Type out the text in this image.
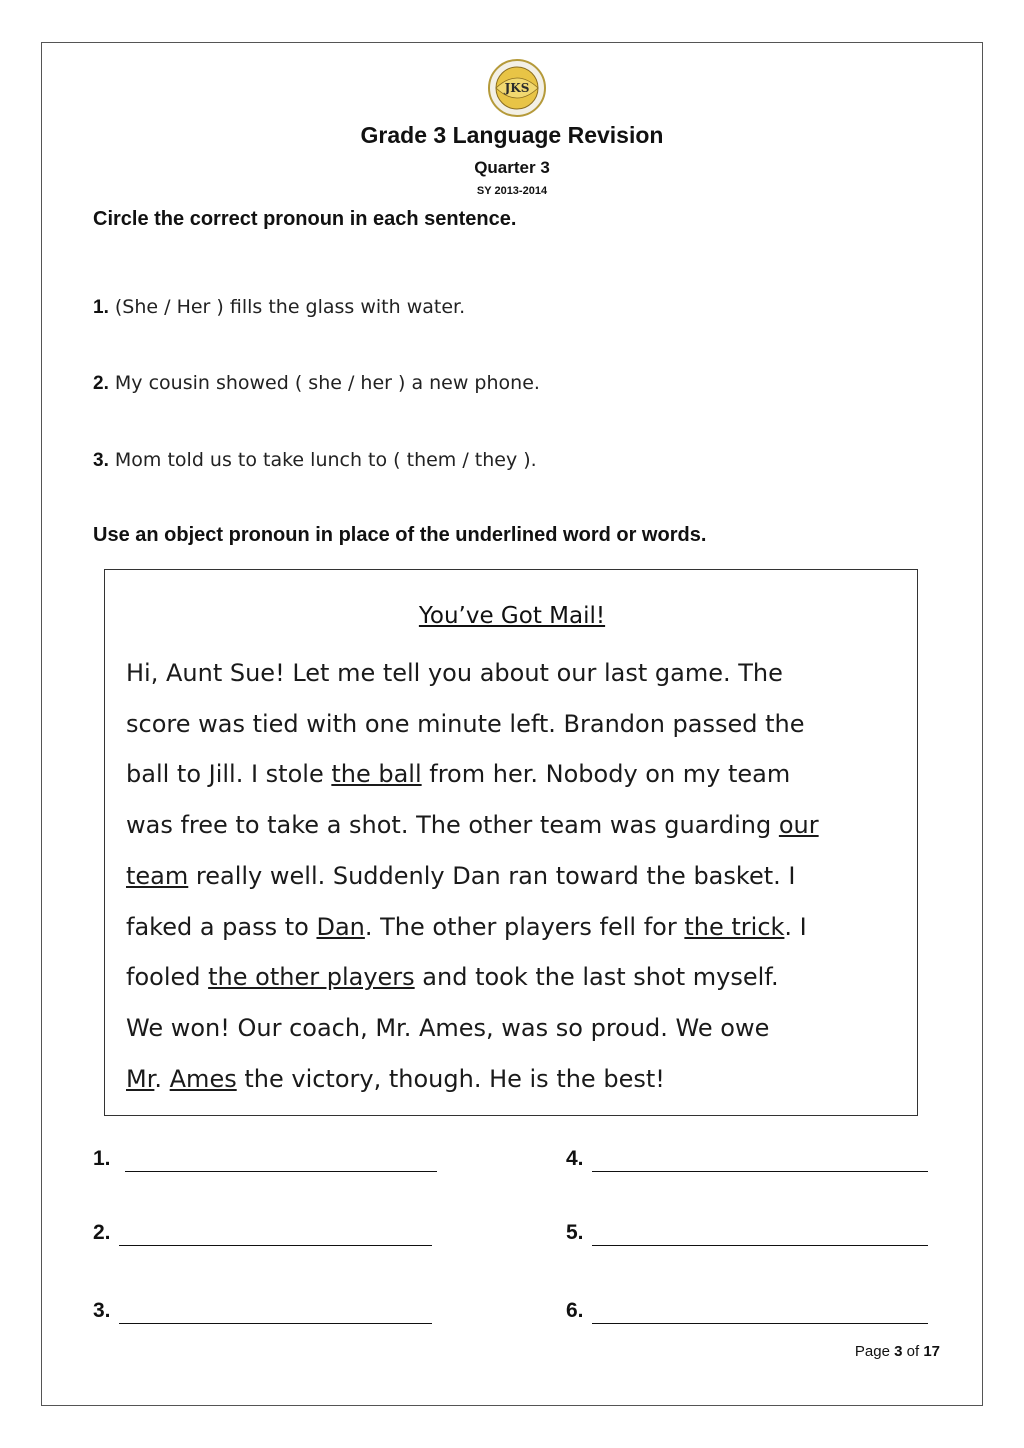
JKS
Grade 3 Language Revision
Quarter 3
SY 2013-2014
Circle the correct pronoun in each sentence.
1. (She / Her ) fills the glass with water.
2. My cousin showed ( she / her ) a new phone.
3. Mom told us to take lunch to ( them / they ).
Use an object pronoun in place of the underlined word or words.
You’ve Got Mail!
Hi, Aunt Sue! Let me tell you about our last game. The
score was tied with one minute left. Brandon passed the
ball to Jill. I stole the ball from her. Nobody on my team
was free to take a shot. The other team was guarding our
team really well. Suddenly Dan ran toward the basket. I
faked a pass to Dan. The other players fell for the trick. I
fooled the other players and took the last shot myself.
We won! Our coach, Mr. Ames, was so proud. We owe
Mr. Ames the victory, though. He is the best!
1.
2.
3.
4.
5.
6.
Page 3 of 17
